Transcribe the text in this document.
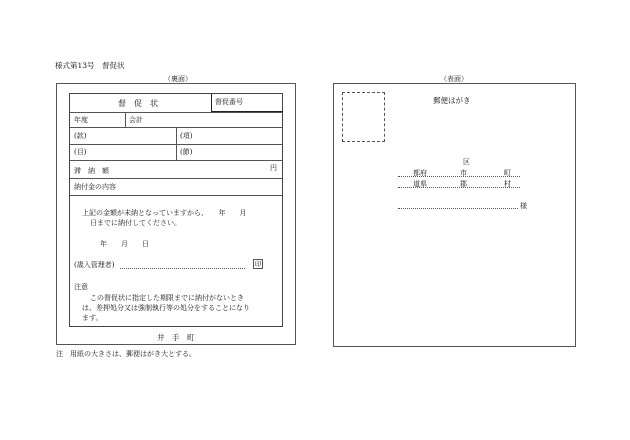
様式第13号　督促状
（裏面）	（表面）
督　促　状	督促番号
年度	会計
(款)	(項)
(目)	(節)
滞　納　額	円
納付金の内容
上記の金額が未納となっていますから、　　年　　月
日までに納付してください。
年　　月　　日
(歳入管理者)	印
注意
この督促状に指定した期限までに納付がないとき
は、差押処分又は強制執行等の処分をすることになり
ます。
井　手　町
注　用紙の大きさは、郵便はがき大とする。
郵便はがき
区
都府	市	町
道県	郡	村
様
